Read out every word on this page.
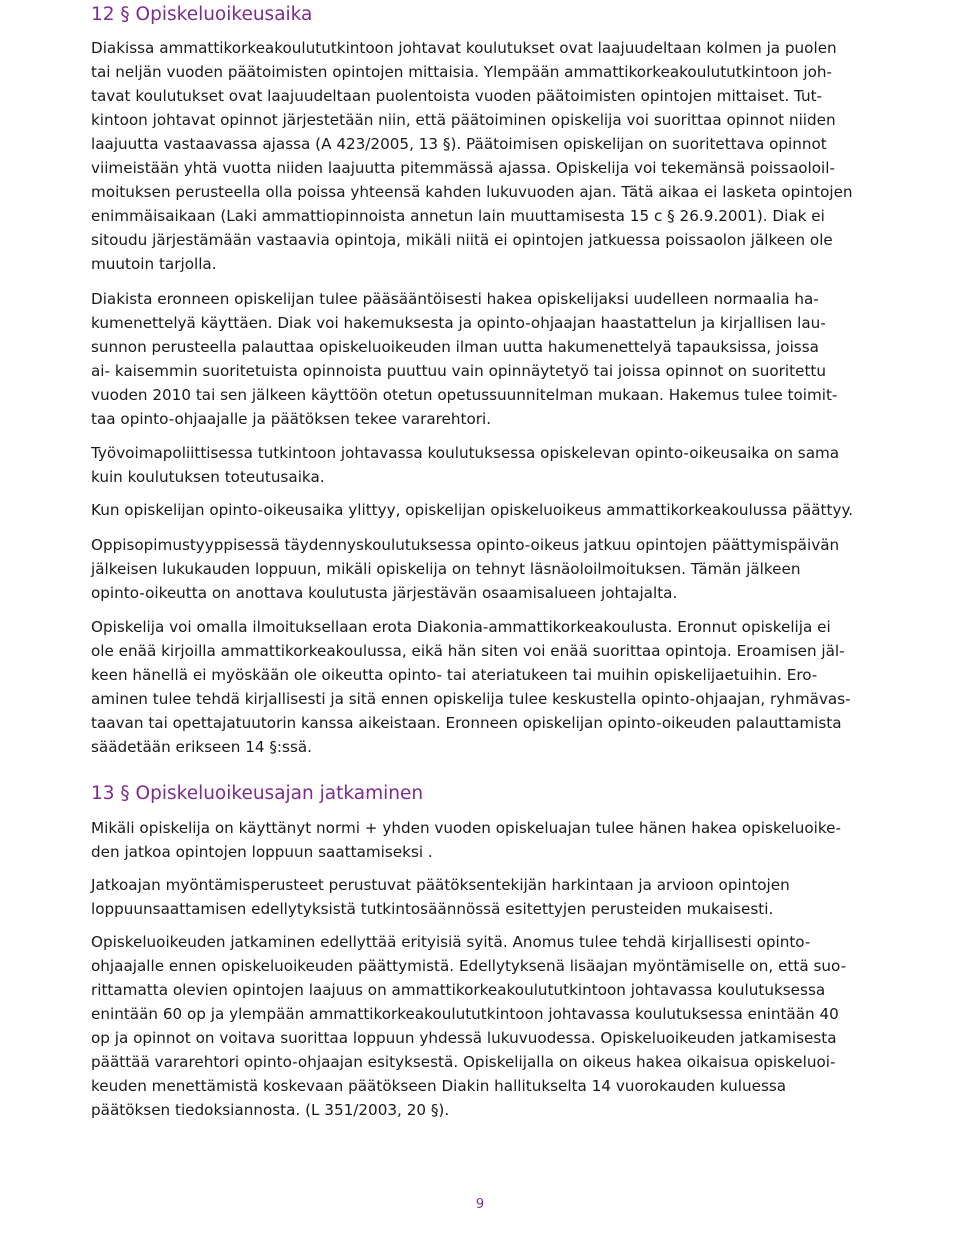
12 § Opiskeluoikeusaika

Diakissa ammattikorkeakoulututkintoon johtavat koulutukset ovat laajuudeltaan kolmen ja puolen
tai neljän vuoden päätoimisten opintojen mittaisia. Ylempään ammattikorkeakoulututkintoon joh-
tavat koulutukset ovat laajuudeltaan puolentoista vuoden päätoimisten opintojen mittaiset. Tut-
kintoon johtavat opinnot järjestetään niin, että päätoiminen opiskelija voi suorittaa opinnot niiden
laajuutta vastaavassa ajassa (A 423/2005, 13 §). Päätoimisen opiskelijan on suoritettava opinnot
viimeistään yhtä vuotta niiden laajuutta pitemmässä ajassa. Opiskelija voi tekemänsä poissaoloil-
moituksen perusteella olla poissa yhteensä kahden lukuvuoden ajan. Tätä aikaa ei lasketa opintojen
enimmäisaikaan (Laki ammattiopinnoista annetun lain muuttamisesta 15 c § 26.9.2001). Diak ei
sitoudu järjestämään vastaavia opintoja, mikäli niitä ei opintojen jatkuessa poissaolon jälkeen ole
muutoin tarjolla.

Diakista eronneen opiskelijan tulee pääsääntöisesti hakea opiskelijaksi uudelleen normaalia ha-
kumenettelyä käyttäen. Diak voi hakemuksesta ja opinto-ohjaajan haastattelun ja kirjallisen lau-
sunnon perusteella palauttaa opiskeluoikeuden ilman uutta hakumenettelyä tapauksissa, joissa
ai- kaisemmin suoritetuista opinnoista puuttuu vain opinnäytetyö tai joissa opinnot on suoritettu
vuoden 2010 tai sen jälkeen käyttöön otetun opetussuunnitelman mukaan. Hakemus tulee toimit-
taa opinto-ohjaajalle ja päätöksen tekee vararehtori.

Työvoimapoliittisessa tutkintoon johtavassa koulutuksessa opiskelevan opinto-oikeusaika on sama
kuin koulutuksen toteutusaika.

Kun opiskelijan opinto-oikeusaika ylittyy, opiskelijan opiskeluoikeus ammattikorkeakoulussa päättyy.

Oppisopimustyyppisessä täydennyskoulutuksessa opinto-oikeus jatkuu opintojen päättymispäivän
jälkeisen lukukauden loppuun, mikäli opiskelija on tehnyt läsnäoloilmoituksen. Tämän jälkeen
opinto-oikeutta on anottava koulutusta järjestävän osaamisalueen johtajalta.

Opiskelija voi omalla ilmoituksellaan erota Diakonia-ammattikorkeakoulusta. Eronnut opiskelija ei
ole enää kirjoilla ammattikorkeakoulussa, eikä hän siten voi enää suorittaa opintoja. Eroamisen jäl-
keen hänellä ei myöskään ole oikeutta opinto- tai ateriatukeen tai muihin opiskelijaetuihin. Ero-
aminen tulee tehdä kirjallisesti ja sitä ennen opiskelija tulee keskustella opinto-ohjaajan, ryhmävas-
taavan tai opettajatuutorin kanssa aikeistaan. Eronneen opiskelijan opinto-oikeuden palauttamista
säädetään erikseen 14 §:ssä.

13 § Opiskeluoikeusajan jatkaminen

Mikäli opiskelija on käyttänyt normi + yhden vuoden opiskeluajan tulee hänen hakea opiskeluoike-
den jatkoa opintojen loppuun saattamiseksi .

Jatkoajan myöntämisperusteet perustuvat päätöksentekijän harkintaan ja arvioon opintojen
loppuunsaattamisen edellytyksistä tutkintosäännössä esitettyjen perusteiden mukaisesti.

Opiskeluoikeuden jatkaminen edellyttää erityisiä syitä. Anomus tulee tehdä kirjallisesti opinto-
ohjaajalle ennen opiskeluoikeuden päättymistä. Edellytyksenä lisäajan myöntämiselle on, että suo-
rittamatta olevien opintojen laajuus on ammattikorkeakoulututkintoon johtavassa koulutuksessa
enintään 60 op ja ylempään ammattikorkeakoulututkintoon johtavassa koulutuksessa enintään 40
op ja opinnot on voitava suorittaa loppuun yhdessä lukuvuodessa. Opiskeluoikeuden jatkamisesta
päättää vararehtori opinto-ohjaajan esityksestä. Opiskelijalla on oikeus hakea oikaisua opiskeluoi-
keuden menettämistä koskevaan päätökseen Diakin hallitukselta 14 vuorokauden kuluessa
päätöksen tiedoksiannosta. (L 351/2003, 20 §).

9
